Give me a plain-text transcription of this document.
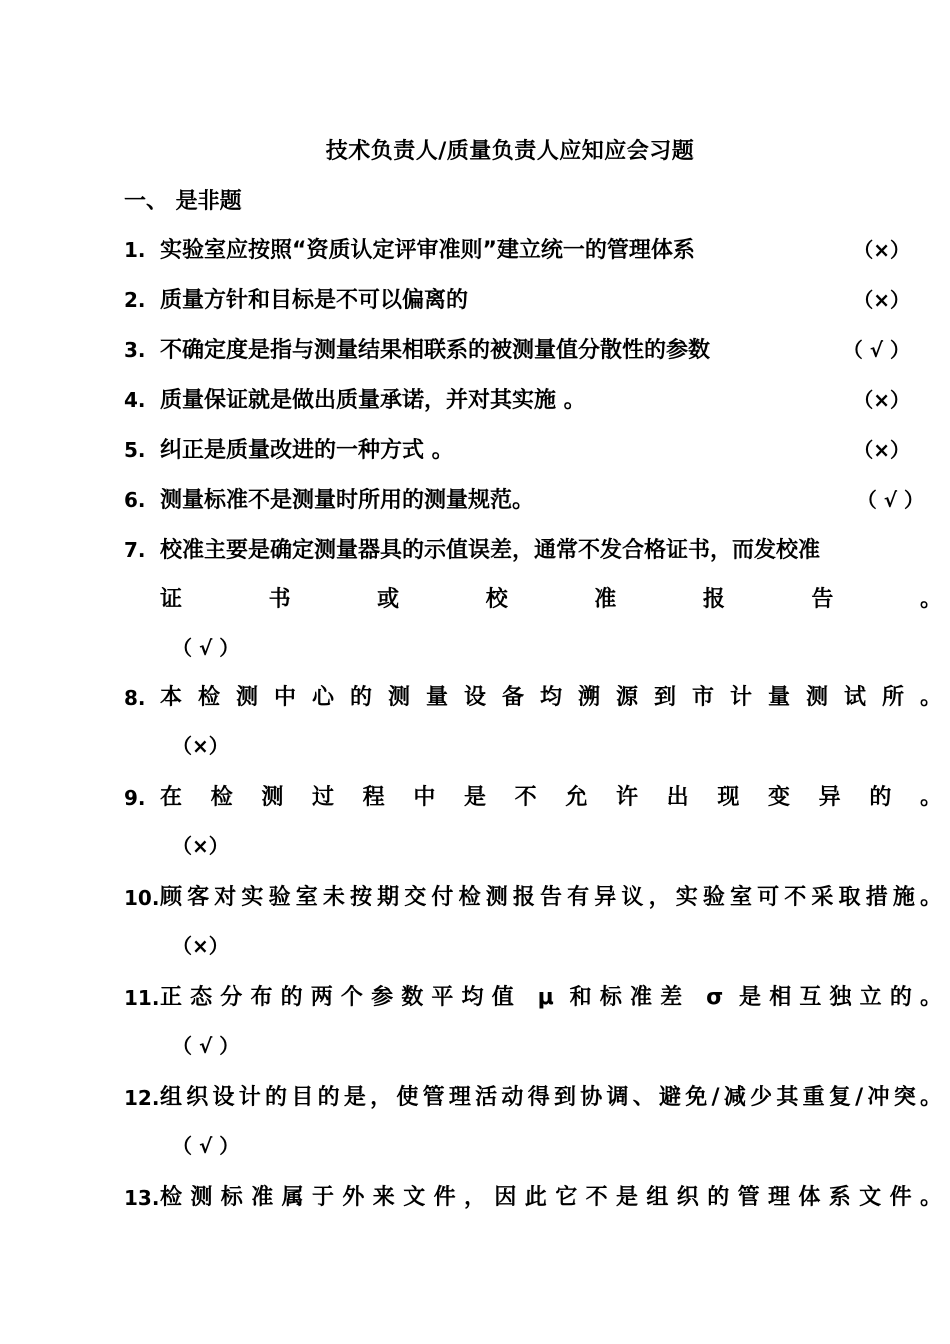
技术负责人/质量负责人应知应会习题
一、 是非题
1. 实验室应按照“资质认定评审准则”建立统一的管理体系	（×）
2. 质量方针和目标是不可以偏离的	（×）
3. 不确定度是指与测量结果相联系的被测量值分散性的参数	（ √ ）
4. 质量保证就是做出质量承诺，并对其实施 。	（×）
5. 纠正是质量改进的一种方式 。	（×）
6. 测量标准不是测量时所用的测量规范。	（ √ ）
7. 校准主要是确定测量器具的示值误差，通常不发合格证书，而发校准
证书或校准报告。
（ √ ）
8. 本检测中心的测量设备均溯源到市计量测试所。
（×）
9. 在检测过程中是不允许出现变异的。
（×）
10. 顾客对实验室未按期交付检测报告有异议，实验室可不采取措施。
（×）
11. 正态分布的两个参数平均值 μ 和标准差 σ 是相互独立的。
（ √ ）
12. 组织设计的目的是，使管理活动得到协调、避免/减少其重复/冲突。
（ √ ）
13. 检测标准属于外来文件，因此它不是组织的管理体系文件。
